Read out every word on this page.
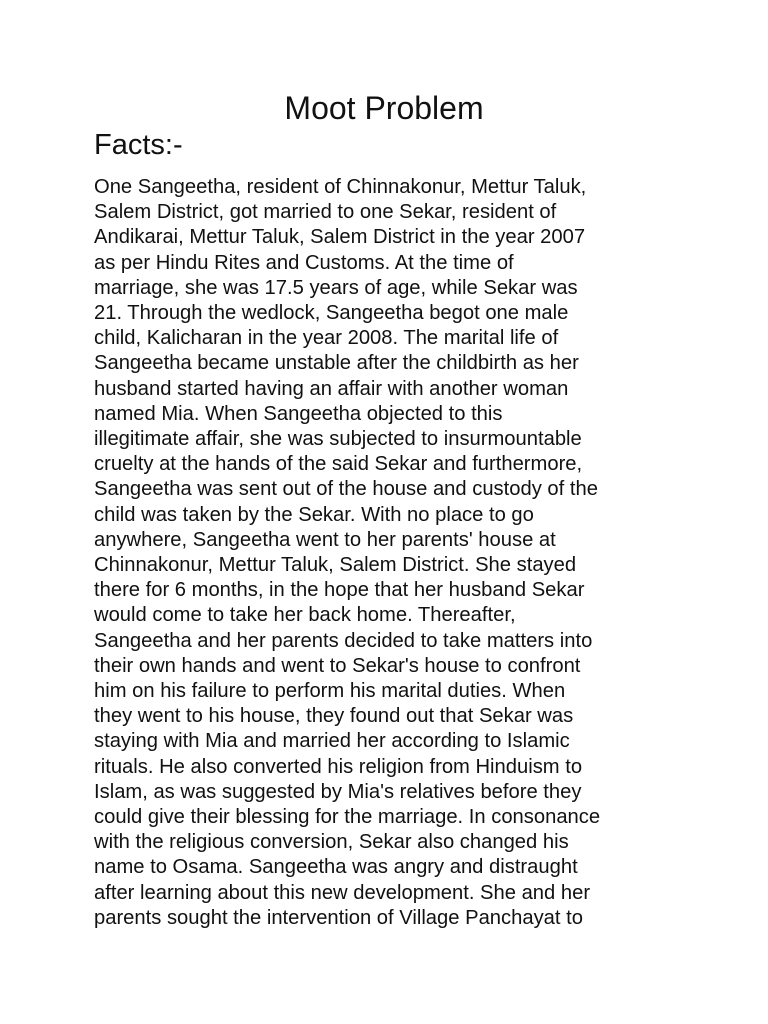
Moot Problem
Facts:-
One Sangeetha, resident of Chinnakonur, Mettur Taluk,
Salem District, got married to one Sekar, resident of
Andikarai, Mettur Taluk, Salem District in the year 2007
as per Hindu Rites and Customs. At the time of
marriage, she was 17.5 years of age, while Sekar was
21. Through the wedlock, Sangeetha begot one male
child, Kalicharan in the year 2008. The marital life of
Sangeetha became unstable after the childbirth as her
husband started having an affair with another woman
named Mia. When Sangeetha objected to this
illegitimate affair, she was subjected to insurmountable
cruelty at the hands of the said Sekar and furthermore,
Sangeetha was sent out of the house and custody of the
child was taken by the Sekar. With no place to go
anywhere, Sangeetha went to her parents' house at
Chinnakonur, Mettur Taluk, Salem District. She stayed
there for 6 months, in the hope that her husband Sekar
would come to take her back home. Thereafter,
Sangeetha and her parents decided to take matters into
their own hands and went to Sekar's house to confront
him on his failure to perform his marital duties. When
they went to his house, they found out that Sekar was
staying with Mia and married her according to Islamic
rituals. He also converted his religion from Hinduism to
Islam, as was suggested by Mia's relatives before they
could give their blessing for the marriage. In consonance
with the religious conversion, Sekar also changed his
name to Osama. Sangeetha was angry and distraught
after learning about this new development. She and her
parents sought the intervention of Village Panchayat to
